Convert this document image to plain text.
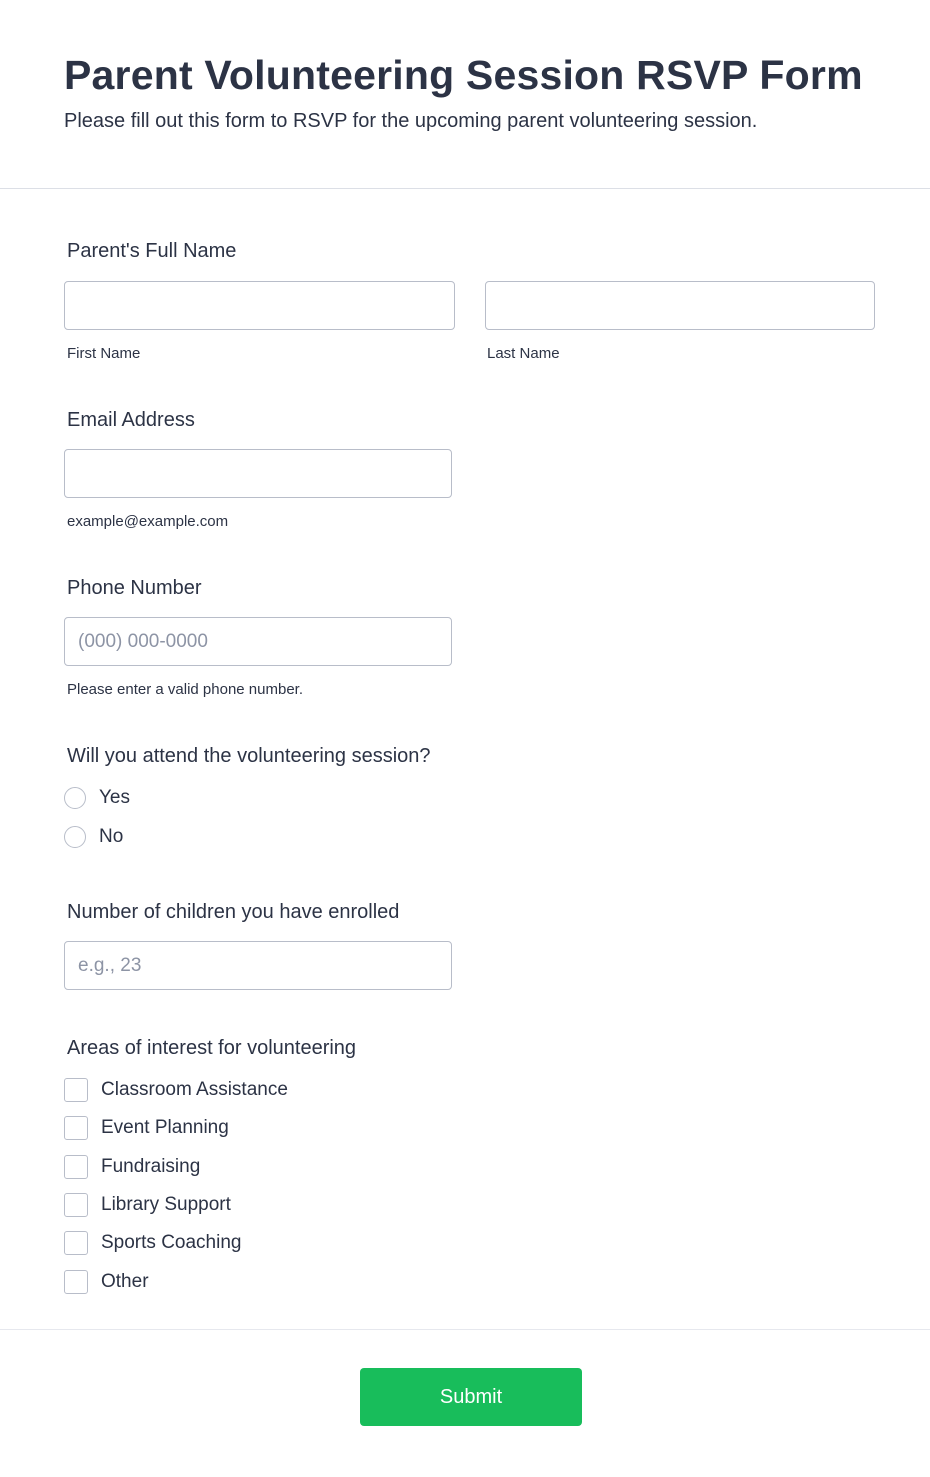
Parent Volunteering Session RSVP Form
Please fill out this form to RSVP for the upcoming parent volunteering session.
Parent's Full Name
First Name	Last Name
Email Address
example@example.com
Phone Number
(000) 000-0000
Please enter a valid phone number.
Will you attend the volunteering session?
Yes
No
Number of children you have enrolled
e.g., 23
Areas of interest for volunteering
Classroom Assistance
Event Planning
Fundraising
Library Support
Sports Coaching
Other
Submit
